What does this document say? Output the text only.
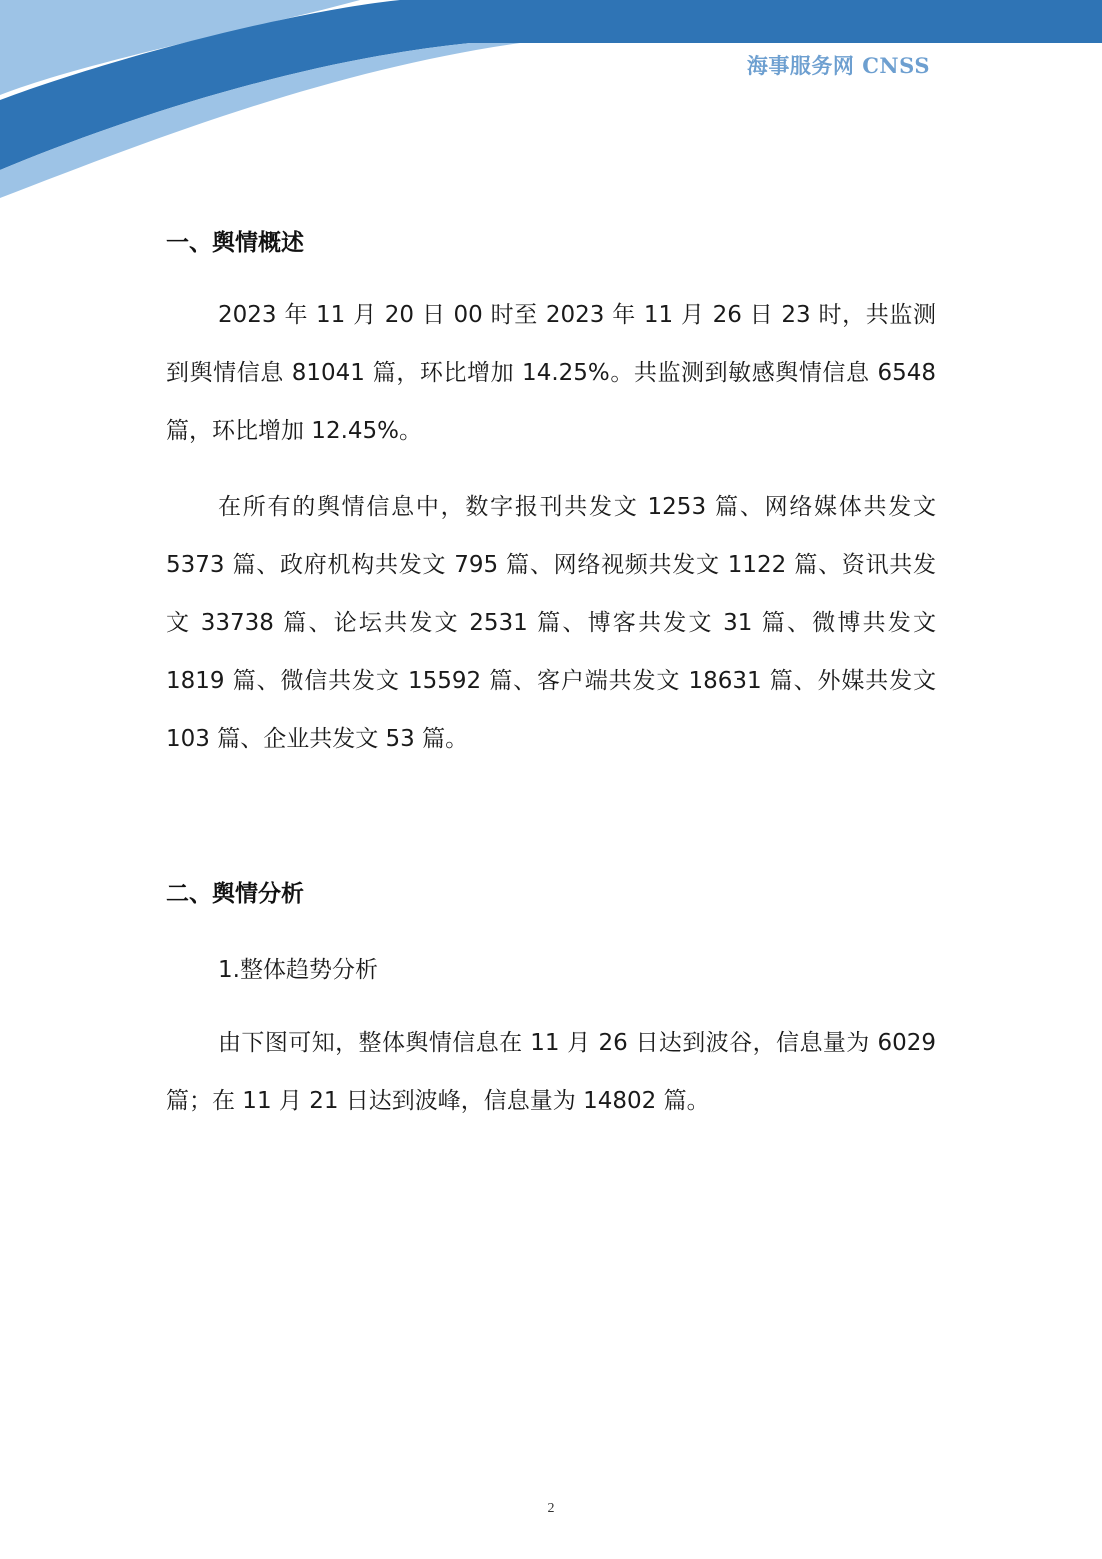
海事服务网 CNSS
一、舆情概述

2023 年 11 月 20 日 00 时至 2023 年 11 月 26 日 23 时，共监测到舆情信息 81041 篇，环比增加 14.25%。共监测到敏感舆情信息 6548 篇，环比增加 12.45%。

在所有的舆情信息中，数字报刊共发文 1253 篇、网络媒体共发文 5373 篇、政府机构共发文 795 篇、网络视频共发文 1122 篇、资讯共发文 33738 篇、论坛共发文 2531 篇、博客共发文 31 篇、微博共发文 1819 篇、微信共发文 15592 篇、客户端共发文 18631 篇、外媒共发文 103 篇、企业共发文 53 篇。

二、舆情分析
1.整体趋势分析

由下图可知，整体舆情信息在 11 月 26 日达到波谷，信息量为 6029 篇；在 11 月 21 日达到波峰，信息量为 14802 篇。

2
